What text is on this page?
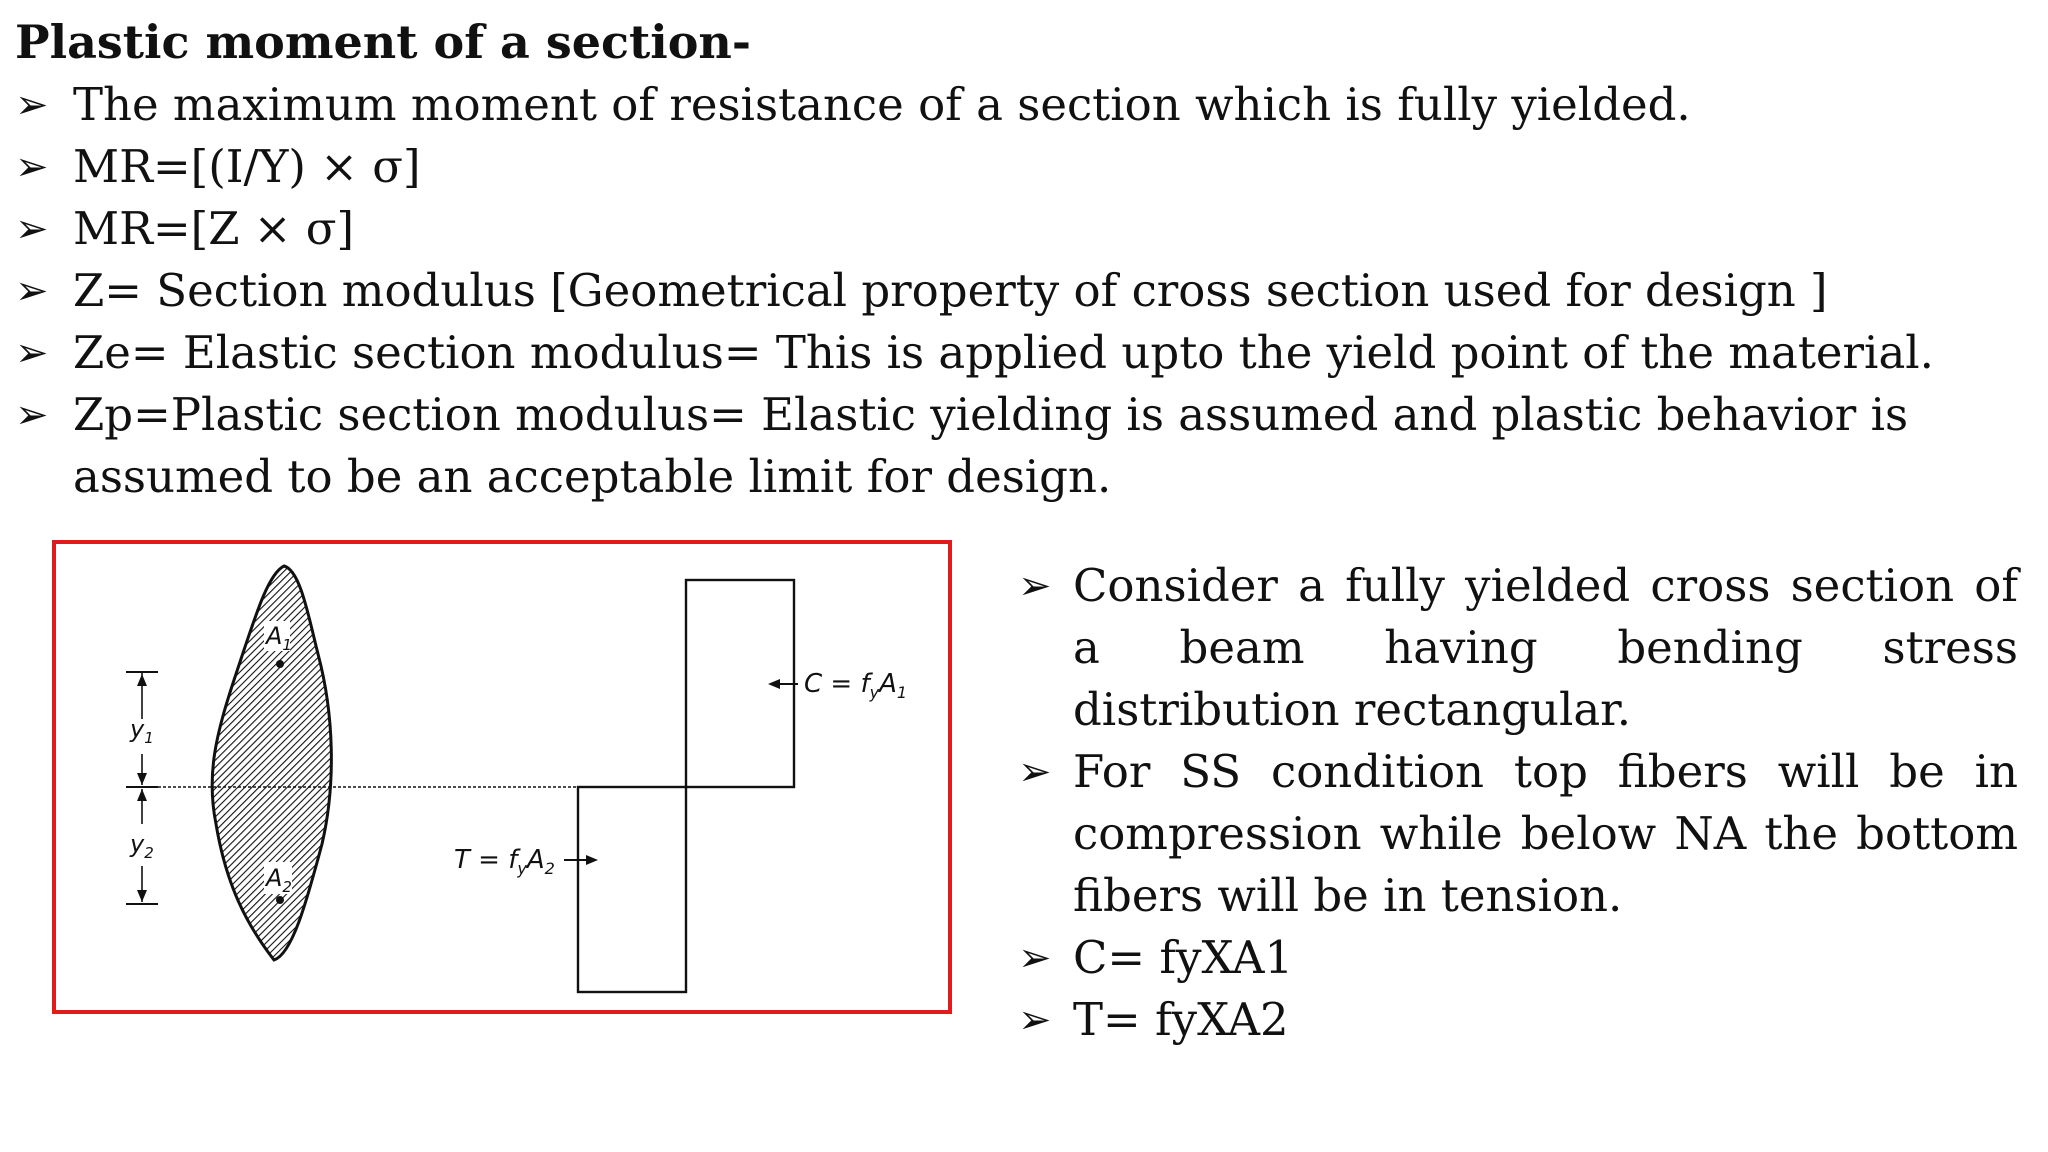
Plastic moment of a section-
➢ The maximum moment of resistance of a section which is fully yielded.
➢ MR=[(I/Y) × σ]
➢ MR=[Z × σ]
➢ Z= Section modulus [Geometrical property of cross section used for design ]
➢ Ze= Elastic section modulus= This is applied upto the yield point of the material.
➢ Zp=Plastic section modulus= Elastic yielding is assumed and plastic behavior is assumed to be an acceptable limit for design.
$A_1$
$A_2$
$y_1$
$y_2$
$C = f_yA_1$
$T = f_yA_2$
➢ Consider a fully yielded cross section of a beam having bending stress distribution rectangular.
➢ For SS condition top fibers will be in compression while below NA the bottom fibers will be in tension.
➢ C= fyXA1
➢ T= fyXA2
